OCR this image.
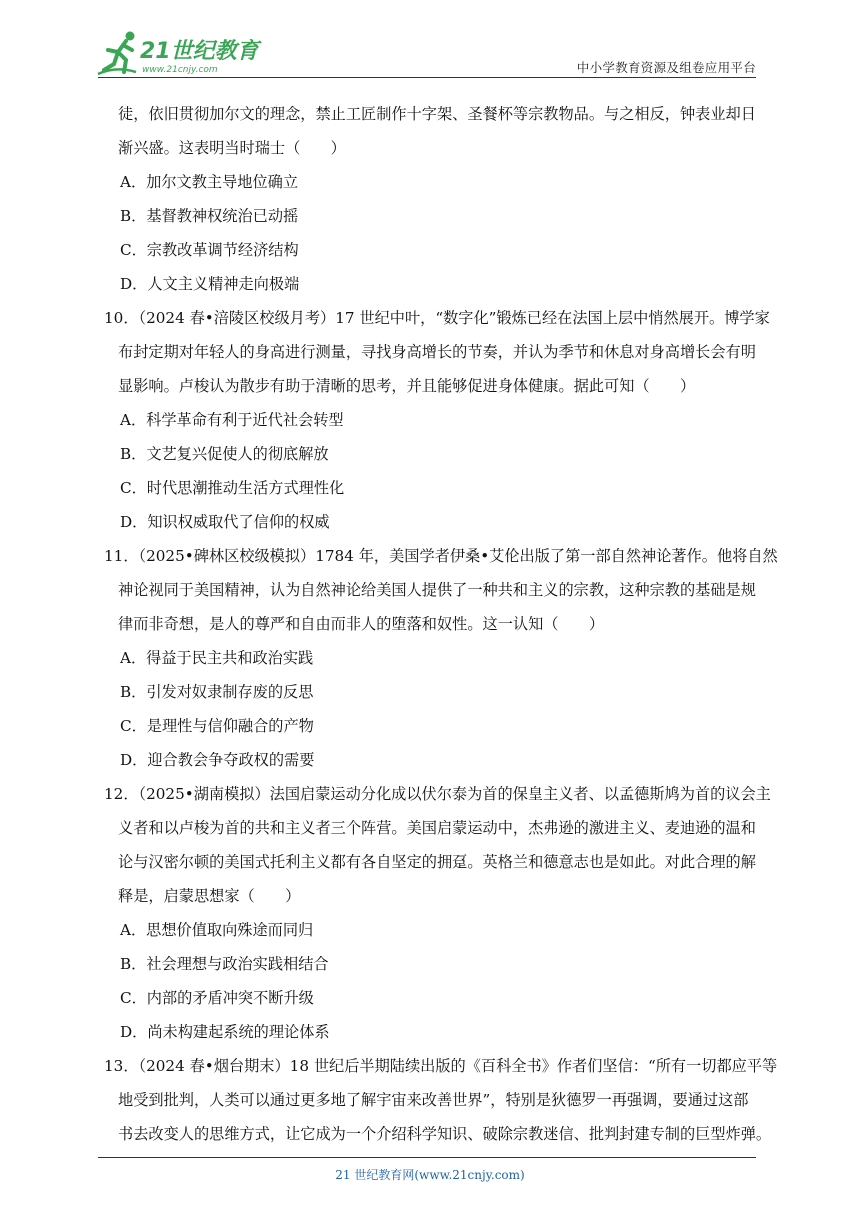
21世纪教育
www.21cnjy.com	中小学教育资源及组卷应用平台
徒，依旧贯彻加尔文的理念，禁止工匠制作十字架、圣餐杯等宗教物品。与之相反，钟表业却日
渐兴盛。这表明当时瑞士（　　）
A．加尔文教主导地位确立
B．基督教神权统治已动摇
C．宗教改革调节经济结构
D．人文主义精神走向极端
10．（2024 春•涪陵区校级月考）17 世纪中叶，“数字化”锻炼已经在法国上层中悄然展开。博学家
布封定期对年轻人的身高进行测量，寻找身高增长的节奏，并认为季节和休息对身高增长会有明
显影响。卢梭认为散步有助于清晰的思考，并且能够促进身体健康。据此可知（　　）
A．科学革命有利于近代社会转型
B．文艺复兴促使人的彻底解放
C．时代思潮推动生活方式理性化
D．知识权威取代了信仰的权威
11．（2025•碑林区校级模拟）1784 年，美国学者伊桑•艾伦出版了第一部自然神论著作。他将自然
神论视同于美国精神，认为自然神论给美国人提供了一种共和主义的宗教，这种宗教的基础是规
律而非奇想，是人的尊严和自由而非人的堕落和奴性。这一认知（　　）
A．得益于民主共和政治实践
B．引发对奴隶制存废的反思
C．是理性与信仰融合的产物
D．迎合教会争夺政权的需要
12．（2025•湖南模拟）法国启蒙运动分化成以伏尔泰为首的保皇主义者、以孟德斯鸠为首的议会主
义者和以卢梭为首的共和主义者三个阵营。美国启蒙运动中，杰弗逊的激进主义、麦迪逊的温和
论与汉密尔顿的美国式托利主义都有各自坚定的拥趸。英格兰和德意志也是如此。对此合理的解
释是，启蒙思想家（　　）
A．思想价值取向殊途而同归
B．社会理想与政治实践相结合
C．内部的矛盾冲突不断升级
D．尚未构建起系统的理论体系
13．（2024 春•烟台期末）18 世纪后半期陆续出版的《百科全书》作者们坚信：“所有一切都应平等
地受到批判，人类可以通过更多地了解宇宙来改善世界”，特别是狄德罗一再强调，要通过这部
书去改变人的思维方式，让它成为一个介绍科学知识、破除宗教迷信、批判封建专制的巨型炸弹。
21 世纪教育网(www.21cnjy.com)
